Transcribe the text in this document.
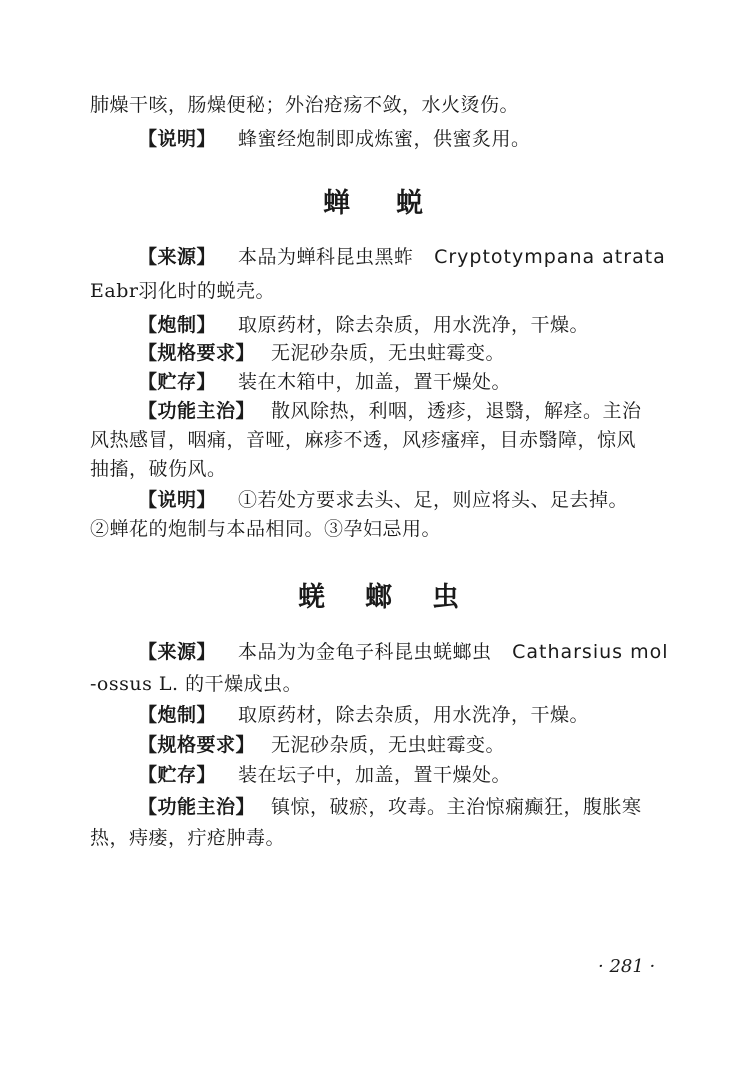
肺燥干咳，肠燥便秘；外治疮疡不敛，水火烫伤。
【说明】 蜂蜜经炮制即成炼蜜，供蜜炙用。
蝉 蜕
【来源】 本品为蝉科昆虫黑蚱 Cryptotympana atrata
Eabr羽化时的蜕壳。
【炮制】 取原药材，除去杂质，用水洗净，干燥。
【规格要求】 无泥砂杂质，无虫蛀霉变。
【贮存】 装在木箱中，加盖，置干燥处。
【功能主治】 散风除热，利咽，透疹，退翳，解痉。主治
风热感冒，咽痛，音哑，麻疹不透，风疹瘙痒，目赤翳障，惊风
抽搐，破伤风。
【说明】 ①若处方要求去头、足，则应将头、足去掉。
②蝉花的炮制与本品相同。③孕妇忌用。
蜣 螂 虫
【来源】 本品为为金龟子科昆虫蜣螂虫 Catharsius mol
-ossus L. 的干燥成虫。
【炮制】 取原药材，除去杂质，用水洗净，干燥。
【规格要求】 无泥砂杂质，无虫蛀霉变。
【贮存】 装在坛子中，加盖，置干燥处。
【功能主治】 镇惊，破瘀，攻毒。主治惊痫癫狂，腹胀寒
热，痔瘘，疔疮肿毒。
· 281 ·
